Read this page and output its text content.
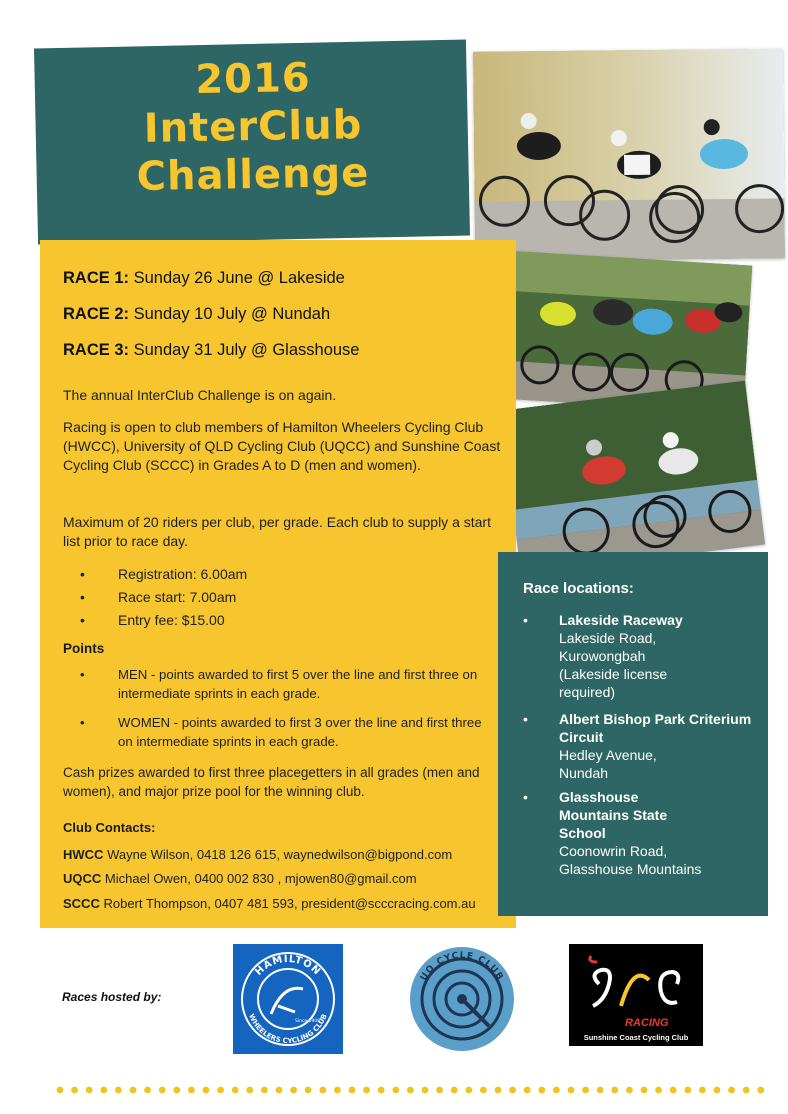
2016
InterClub
Challenge
RACE 1: Sunday 26 June @ Lakeside
RACE 2: Sunday 10 July @ Nundah
RACE 3: Sunday 31 July @ Glasshouse
The annual InterClub Challenge is on again.
Racing is open to club members of Hamilton Wheelers Cycling Club (HWCC), University of QLD Cycling Club (UQCC) and Sunshine Coast Cycling Club (SCCC) in Grades A to D (men and women).
Maximum of 20 riders per club, per grade. Each club to supply a start list prior to race day.
•	Registration: 6.00am
•	Race start: 7.00am
•	Entry fee: $15.00
Points
•	MEN - points awarded to first 5 over the line and first three on intermediate sprints in each grade.
•	WOMEN - points awarded to first 3 over the line and first three on intermediate sprints in each grade.
Cash prizes awarded to first three placegetters in all grades (men and women), and major prize pool for the winning club.
Club Contacts:
HWCC Wayne Wilson, 0418 126 615, waynedwilson@bigpond.com
UQCC Michael Owen, 0400 002 830 , mjowen80@gmail.com
SCCC Robert Thompson, 0407 481 593, president@scccracing.com.au
Race locations:
•	Lakeside Raceway
Lakeside Road, Kurowongbah (Lakeside license required)
•	Albert Bishop Park Criterium Circuit
Hedley Avenue, Nundah
•	Glasshouse Mountains State School
Coonowrin Road, Glasshouse Mountains
Races hosted by:
HAMILTON
WHEELERS CYCLING CLUB
Since 1908
UQ CYCLE CLUB
RACING
Sunshine Coast Cycling Club
